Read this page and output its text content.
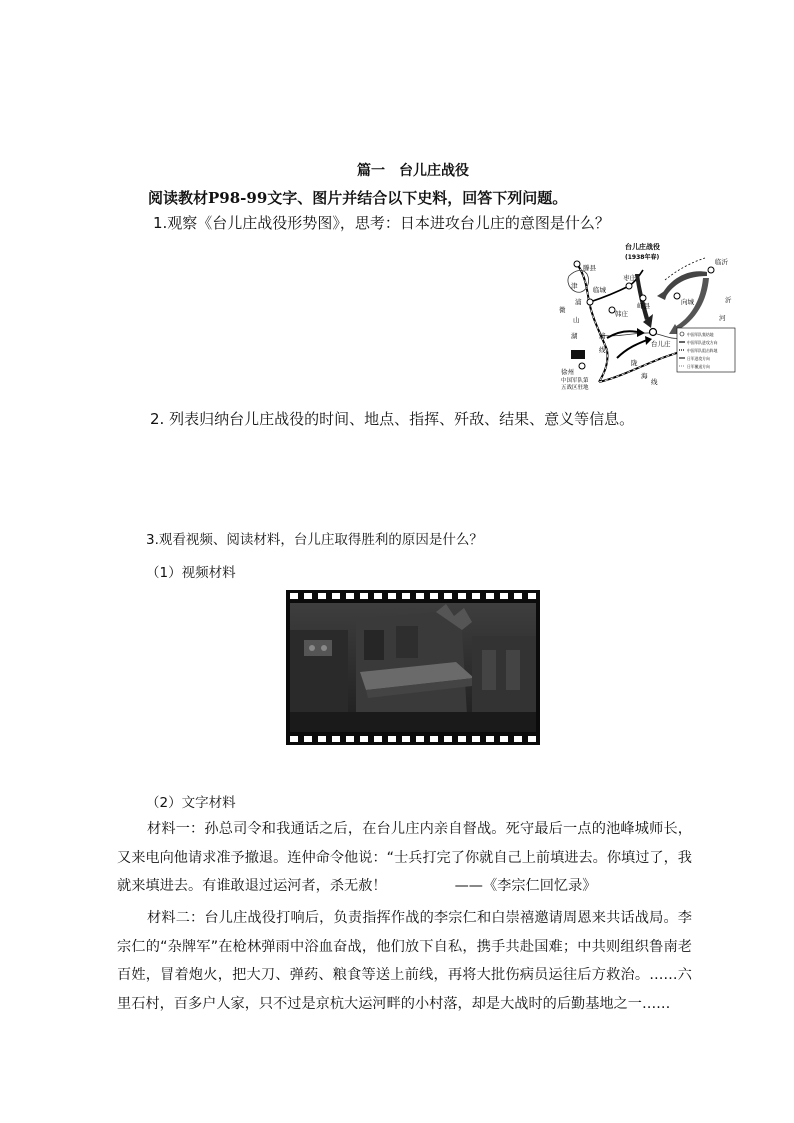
篇一 台儿庄战役
阅读教材P98-99文字、图片并结合以下史料，回答下列问题。
1.观察《台儿庄战役形势图》，思考：日本进攻台儿庄的意图是什么？
台儿庄战役
(1938年春)
滕县
临沂
枣庄
峄县	向城
临城
韩庄
台儿庄
徐州
津
浦
山
湖
微
浦
线
沂
河
陇
海
线
中国军队第
五战区驻地
中国军队集结地
中国军队进攻方向
中国军队阻击阵地
日军进攻方向
日军撤退方向
2. 列表归纳台儿庄战役的时间、地点、指挥、歼敌、结果、意义等信息。
3.观看视频、阅读材料，台儿庄取得胜利的原因是什么？
（1）视频材料
（2）文字材料
材料一：孙总司令和我通话之后，在台儿庄内亲自督战。死守最后一点的池峰城师长，又来电向他请求准予撤退。连仲命令他说：“士兵打完了你就自己上前填进去。你填过了，我就来填进去。有谁敢退过运河者，杀无赦！	——《李宗仁回忆录》
材料二：台儿庄战役打响后，负责指挥作战的李宗仁和白崇禧邀请周恩来共话战局。李宗仁的“杂牌军”在枪林弹雨中浴血奋战，他们放下自私，携手共赴国难；中共则组织鲁南老百姓，冒着炮火，把大刀、弹药、粮食等送上前线，再将大批伤病员运往后方救治。……六里石村，百多户人家，只不过是京杭大运河畔的小村落，却是大战时的后勤基地之一……
